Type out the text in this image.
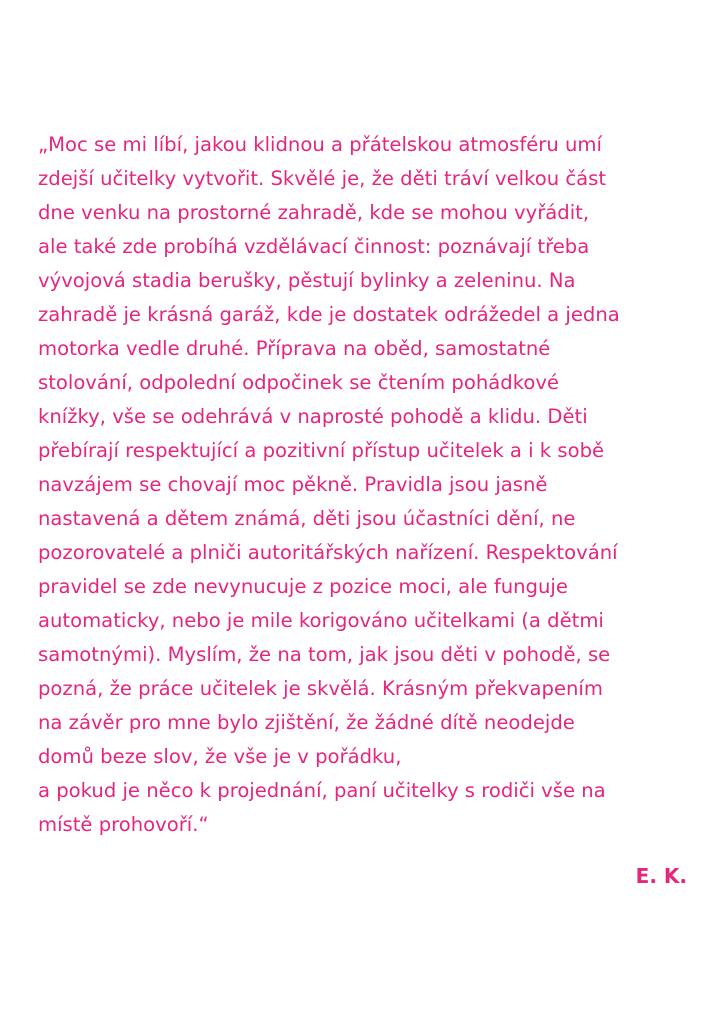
„Moc se mi líbí, jakou klidnou a přátelskou atmosféru umí
zdejší učitelky vytvořit. Skvělé je, že děti tráví velkou část
dne venku na prostorné zahradě, kde se mohou vyřádit,
ale také zde probíhá vzdělávací činnost: poznávají třeba
vývojová stadia berušky, pěstují bylinky a zeleninu. Na
zahradě je krásná garáž, kde je dostatek odrážedel a jedna
motorka vedle druhé. Příprava na oběd, samostatné
stolování, odpolední odpočinek se čtením pohádkové
knížky, vše se odehrává v naprosté pohodě a klidu. Děti
přebírají respektující a pozitivní přístup učitelek a i k sobě
navzájem se chovají moc pěkně. Pravidla jsou jasně
nastavená a dětem známá, děti jsou účastníci dění, ne
pozorovatelé a plniči autoritářských nařízení. Respektování
pravidel se zde nevynucuje z pozice moci, ale funguje
automaticky, nebo je mile korigováno učitelkami (a dětmi
samotnými). Myslím, že na tom, jak jsou děti v pohodě, se
pozná, že práce učitelek je skvělá. Krásným překvapením
na závěr pro mne bylo zjištění, že žádné dítě neodejde
domů beze slov, že vše je v pořádku,
a pokud je něco k projednání, paní učitelky s rodiči vše na
místě prohovoří.“

E. K.
